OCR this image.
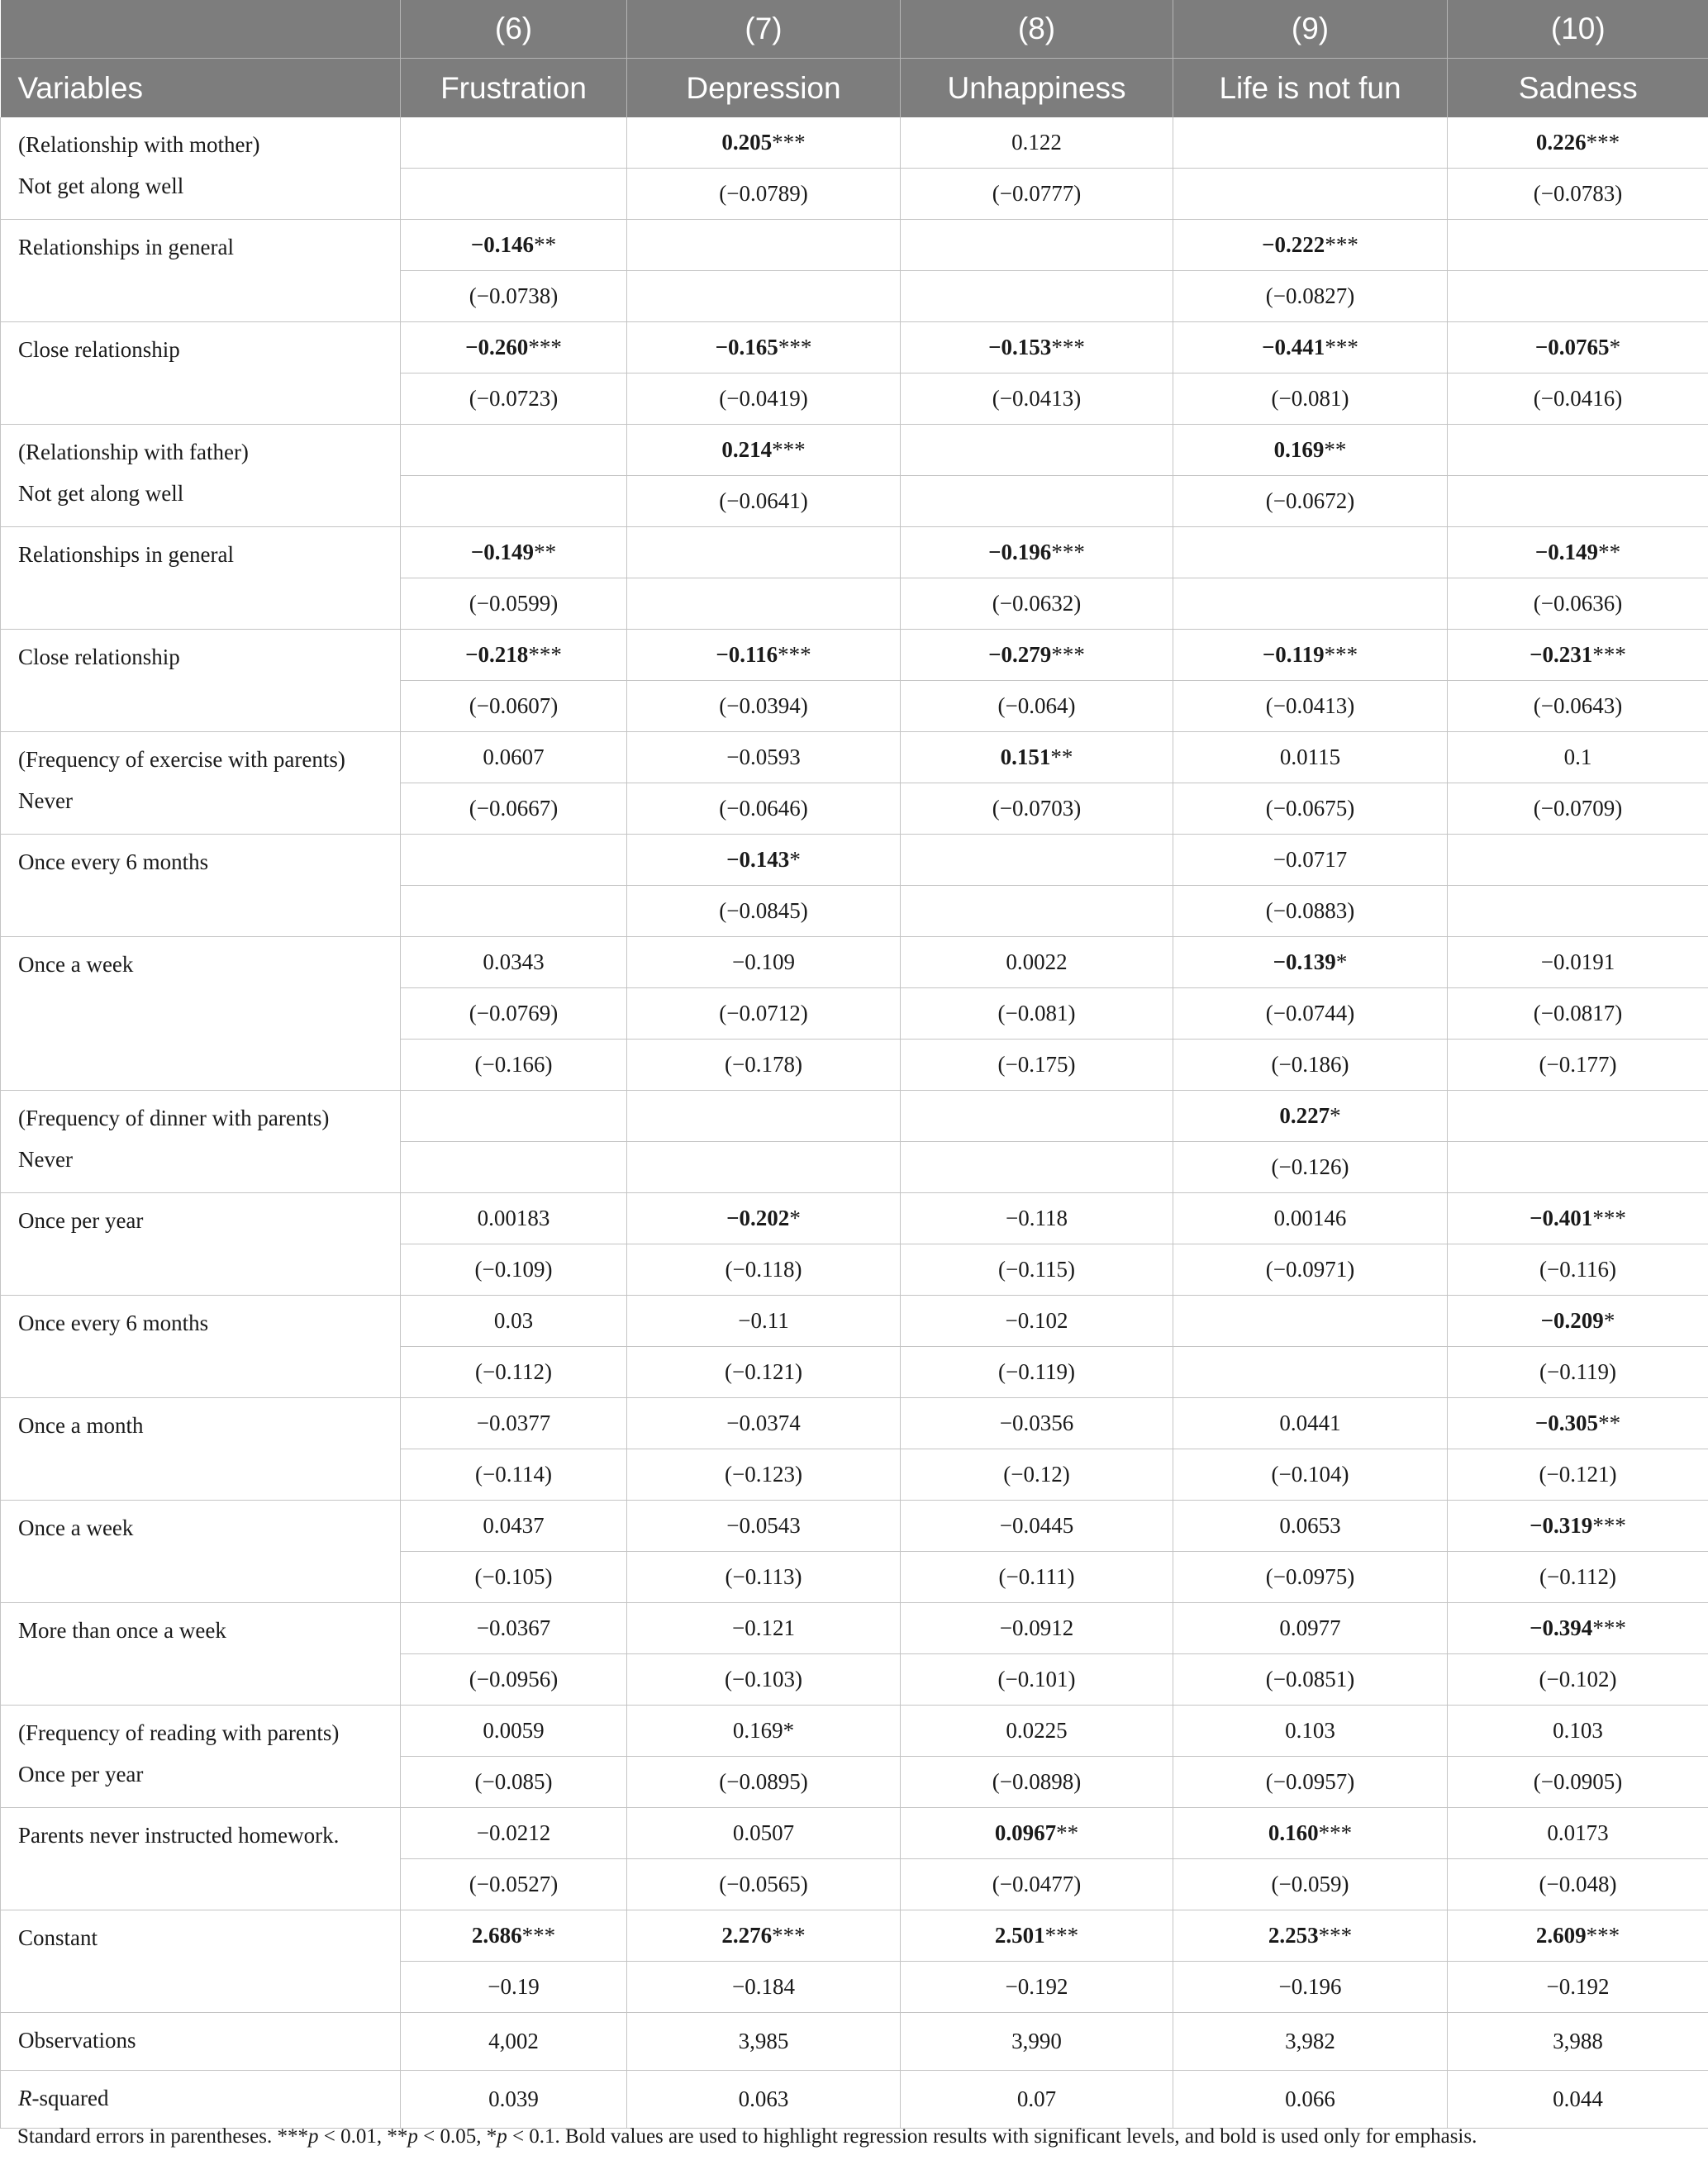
	(6)	(7)	(8)	(9)	(10)
Variables	Frustration	Depression	Unhappiness	Life is not fun	Sadness

(Relationship with mother)
Not get along well		0.205***	0.122		0.226***
		(−0.0789)	(−0.0777)		(−0.0783)

Relationships in general	−0.146**			−0.222***	
	(−0.0738)			(−0.0827)	

Close relationship	−0.260***	−0.165***	−0.153***	−0.441***	−0.0765*
	(−0.0723)	(−0.0419)	(−0.0413)	(−0.081)	(−0.0416)

(Relationship with father)
Not get along well		0.214***		0.169**	
		(−0.0641)		(−0.0672)	

Relationships in general	−0.149**		−0.196***		−0.149**
	(−0.0599)		(−0.0632)		(−0.0636)

Close relationship	−0.218***	−0.116***	−0.279***	−0.119***	−0.231***
	(−0.0607)	(−0.0394)	(−0.064)	(−0.0413)	(−0.0643)

(Frequency of exercise with parents)
Never	0.0607	−0.0593	0.151**	0.0115	0.1
	(−0.0667)	(−0.0646)	(−0.0703)	(−0.0675)	(−0.0709)

Once every 6 months		−0.143*		−0.0717	
		(−0.0845)		(−0.0883)	

Once a week	0.0343	−0.109	0.0022	−0.139*	−0.0191
	(−0.0769)	(−0.0712)	(−0.081)	(−0.0744)	(−0.0817)
	(−0.166)	(−0.178)	(−0.175)	(−0.186)	(−0.177)

(Frequency of dinner with parents)
Never				0.227*	
				(−0.126)	

Once per year	0.00183	−0.202*	−0.118	0.00146	−0.401***
	(−0.109)	(−0.118)	(−0.115)	(−0.0971)	(−0.116)

Once every 6 months	0.03	−0.11	−0.102		−0.209*
	(−0.112)	(−0.121)	(−0.119)		(−0.119)

Once a month	−0.0377	−0.0374	−0.0356	0.0441	−0.305**
	(−0.114)	(−0.123)	(−0.12)	(−0.104)	(−0.121)

Once a week	0.0437	−0.0543	−0.0445	0.0653	−0.319***
	(−0.105)	(−0.113)	(−0.111)	(−0.0975)	(−0.112)

More than once a week	−0.0367	−0.121	−0.0912	0.0977	−0.394***
	(−0.0956)	(−0.103)	(−0.101)	(−0.0851)	(−0.102)

(Frequency of reading with parents)
Once per year	0.0059	0.169*	0.0225	0.103	0.103
	(−0.085)	(−0.0895)	(−0.0898)	(−0.0957)	(−0.0905)

Parents never instructed homework.	−0.0212	0.0507	0.0967**	0.160***	0.0173
	(−0.0527)	(−0.0565)	(−0.0477)	(−0.059)	(−0.048)

Constant	2.686***	2.276***	2.501***	2.253***	2.609***
	−0.19	−0.184	−0.192	−0.196	−0.192

Observations	4,002	3,985	3,990	3,982	3,988

R-squared	0.039	0.063	0.07	0.066	0.044
Standard errors in parentheses. ***p < 0.01, **p < 0.05, *p < 0.1. Bold values are used to highlight regression results with significant levels, and bold is used only for emphasis.
